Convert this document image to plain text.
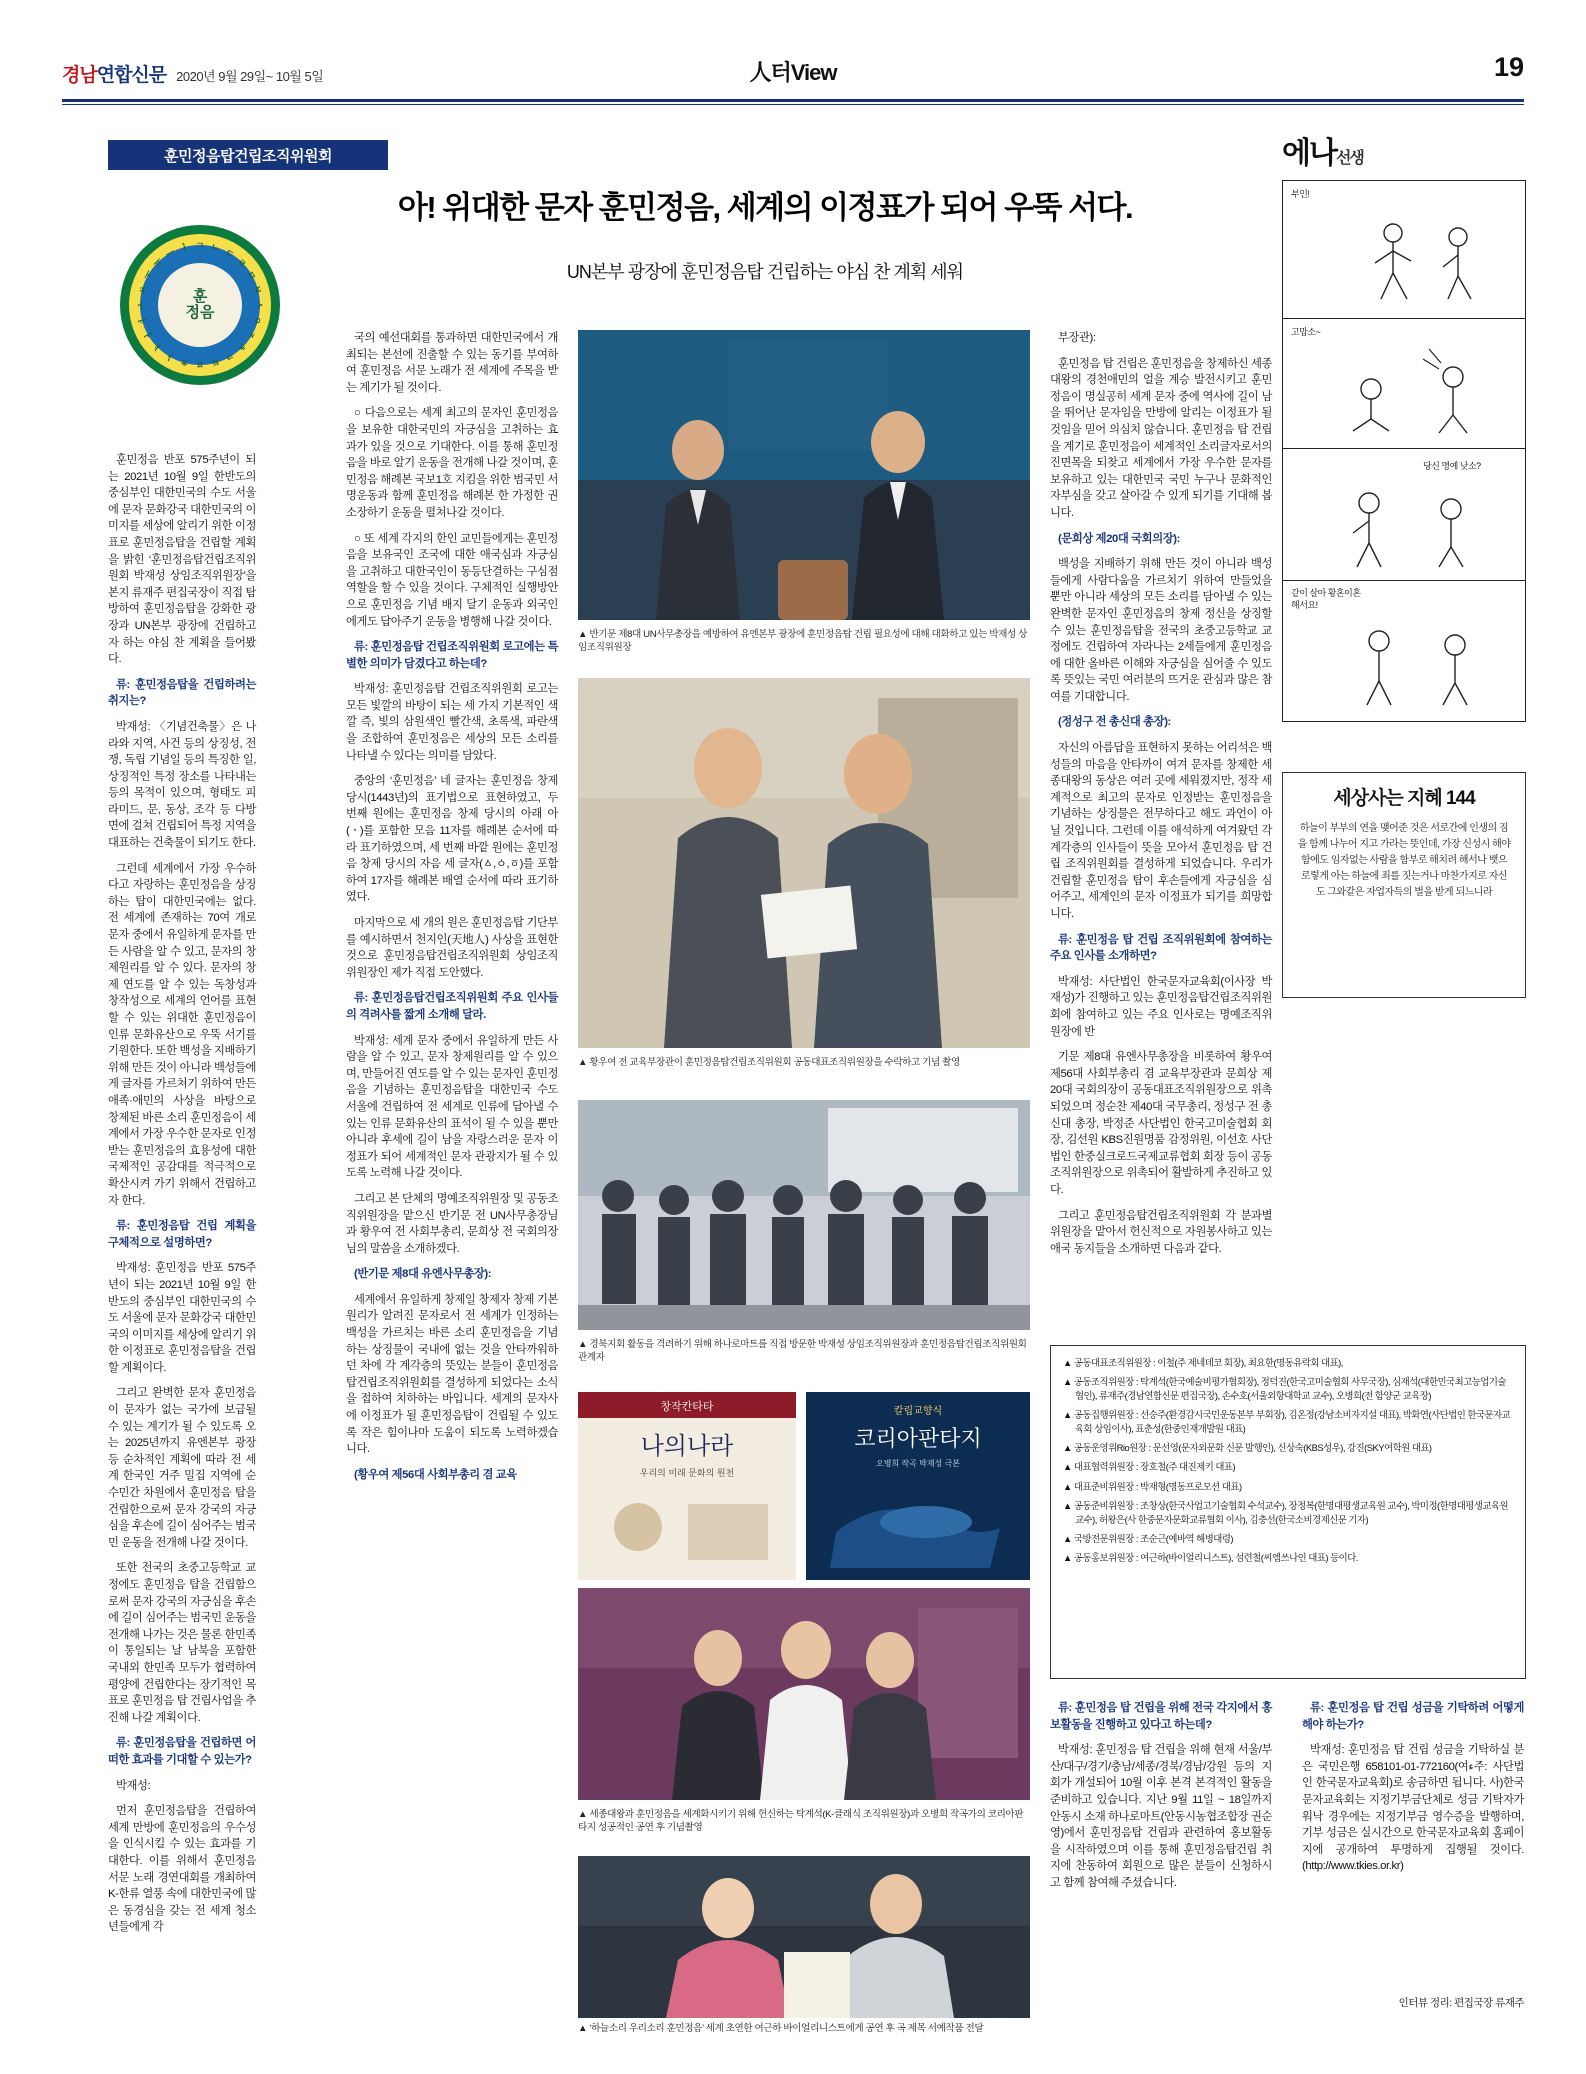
경남연합신문 2020년 9월 29일~ 10월 5일	人터View	19
훈민정음탑건립조직위원회
아! 위대한 문자 훈민정음, 세계의 이정표가 되어 우뚝 서다.
UN본부 광장에 훈민정음탑 건립하는 야심 찬 계획 세워
ㄱ ㄴ ㄷ
ㄹ
ㅁ
ㅂ
ㅅ
ㅇ
ㅈ
ㅊ
ㅋ
ㅌ
ㅍ
ㅎ
ㅏ
ㅑ
ㅓ
ㅕ
ㅗ
ㅛ
ㅜ
ㅠ
ㅡ ㅣ
훈
정음
에나선생
부인!
고맙소~
당신 명예 낮소?
같이 살아 황혼이혼 해서요!
세상사는 지혜 144
하늘이 부부의 연을 맺어준 것은 서로간에 인생의 짐을 함께 나누어 지고 가라는 뜻인데, 가장 신성시 해야 함에도 임자없는 사람을 함부로 해치려 해서나 뱃으로렇게 아는 하늘에 죄를 짓는거나 마찬가지로 자신도 그와같은 자업자득의 벌을 받게 되느니라
▲ 반기문 제8대 UN사무총장을 예방하여 유엔본부 광장에 훈민정음탑 건립 필요성에 대해 대화하고 있는 박재성 상임조직위원장
▲ 황우여 전 교육부장관이 훈민정음탑건립조직위원회 공동대표조직위원장을 수락하고 기념 촬영
▲ 경북지회 활동을 격려하기 위해 하나로마트를 직접 방문한 박재성 상임조직위원장과 훈민정음탑건립조직위원회 관계자
창작칸타타
나의나라
우리의 미래 문화의 원천
칼립교향식
코리아판타지
오병희 작곡 박재성 극본
▲ 세종대왕과 훈민정음을 세계화시키기 위해 헌신하는 탁계석(K-클래식 조직위원장)과 오병희 작곡가의 코리아판타지 성공적인 공연 후 기념촬영
▲ ‘하늘소리 우리소리 훈민정음’ 세계 초연한 여근하 바이얼리니스트에게 공연 후 곡 제목 서예작품 전달

훈민정음 반포 575주년이 되는 2021년 10월 9일 한반도의 중심부인 대한민국의 수도 서울에 문자 문화강국 대한민국의 이미지를 세상에 알리기 위한 이정표로 훈민정음탑을 건립할 계획을 밝힌 ‘훈민정음탑건립조직위원회 박재성 상임조직위원장’을 본지 류재주 편집국장이 직접 탐방하여 훈민정음탑을 강화한 광장과 UN본부 광장에 건립하고자 하는 야심 찬 계획을 들어봤다.

류: 훈민정음탑을 건립하려는 취지는?

박재성: 〈기념건축물〉은 나라와 지역, 사건 등의 상징성, 전쟁, 독립 기념일 등의 특징한 일, 상징적인 특정 장소를 나타내는 등의 목적이 있으며, 형태도 피라미드, 문, 동상, 조각 등 다방면에 걸쳐 건립되어 특정 지역을 대표하는 건축물이 되기도 한다.

그런데 세계에서 가장 우수하다고 자랑하는 훈민정음을 상징하는 탑이 대한민국에는 없다. 전 세계에 존재하는 70여 개로 문자 중에서 유일하게 문자를 만든 사람을 알 수 있고, 문자의 창제원리를 알 수 있다. 문자의 창제 연도를 알 수 있는 독창성과 창작성으로 세계의 언어를 표현할 수 있는 위대한 훈민정음이 인류 문화유산으로 우뚝 서기를 기원한다. 또한 백성을 지배하기 위해 만든 것이 아니라 백성들에게 글자를 가르쳐기 위하여 만든 애족·애민의 사상을 바탕으로 창제된 바른 소리 훈민정음이 세계에서 가장 우수한 문자로 인정받는 훈민정음의 효용성에 대한 국제적인 공감대를 적극적으로 확산시켜 가기 위해서 건립하고자 한다.

류: 훈민정음탑 건립 계획을 구체적으로 설명하면?

박재성: 훈민정음 반포 575주년이 되는 2021년 10월 9일 한반도의 중심부인 대한민국의 수도 서울에 문자 문화강국 대한민국의 이미지를 세상에 알리기 위한 이정표로 훈민정음탑을 건립할 계획이다.

그리고 완벽한 문자 훈민정음이 문자가 없는 국가에 보급될 수 있는 계기가 될 수 있도록 오는 2025년까지 유엔본부 광장 등 순차적인 계획에 따라 전 세계 한국인 거주 밀집 지역에 순수민간 차원에서 훈민정음 탑을 건립한으로써 문자 강국의 자긍심을 후손에 길이 심어주는 범국민 운동을 전개해 나갈 것이다.

또한 전국의 초중고등학교 교정에도 훈민정음 탑을 건립함으로써 문자 강국의 자긍심을 후손에 길이 심어주는 범국민 운동을 전개해 나가는 것은 물론 한민족이 통일되는 날 남북을 포함한 국내외 한민족 모두가 협력하여 평양에 건립한다는 장기적인 목표로 훈민정음 탑 건립사업을 추진해 나갈 계획이다.

류: 훈민정음탑을 건립하면 어떠한 효과를 기대할 수 있는가?

박재성:

먼저 훈민정음탑을 건립하여 세계 만방에 훈민정음의 우수성을 인식시킬 수 있는 효과를 기대한다. 이를 위해서 훈민정음 서문 노래 경연대회를 개최하여 K-한류 열풍 속에 대한민국에 많은 동경심을 갖는 전 세계 청소년들에게 각

국의 예선대회를 통과하면 대한민국에서 개최되는 본선에 진출할 수 있는 동기를 부여하여 훈민정음 서문 노래가 전 세계에 주목을 받는 계기가 될 것이다.

○ 다음으로는 세계 최고의 문자인 훈민정음을 보유한 대한국민의 자긍심을 고취하는 효과가 있을 것으로 기대한다. 이를 통해 훈민정음을 바로 알기 운동을 전개해 나갈 것이며, 훈민정음 해례본 국보1호 지킴을 위한 범국민 서명운동과 함께 훈민정음 해례본 한 가정한 권 소장하기 운동을 펼쳐나갈 것이다.

○ 또 세계 각지의 한인 교민들에게는 훈민정음을 보유국인 조국에 대한 애국심과 자긍심을 고취하고 대한국인이 동등단결하는 구심점 역할을 할 수 있을 것이다. 구체적인 실행방안으로 훈민정음 기념 배지 달기 운동과 외국인에게도 답아주기 운동을 병행해 나갈 것이다.

류: 훈민정음탑 건립조직위원회 로고에는 특별한 의미가 담겼다고 하는데?

박재성: 훈민정음탑 건립조직위원회 로고는 모든 빛깔의 바탕이 되는 세 가지 기본적인 색깔 즉, 빛의 삼원색인 빨간색, 초록색, 파란색을 조합하여 훈민정음은 세상의 모든 소리를 나타낼 수 있다는 의미를 담았다.

중앙의 ‘훈민정음’ 네 글자는 훈민정음 창제 당시(1443년)의 표기법으로 표현하였고, 두 번째 원에는 훈민정음 창제 당시의 아래 아(ㆍ)를 포함한 모음 11자를 해례본 순서에 따라 표기하였으며, 세 번째 바깥 원에는 훈민정음 창제 당시의 자음 세 글자(ㅿ,ㆁ,ㆆ)를 포함하여 17자를 해례본 배열 순서에 따라 표기하였다.

마지막으로 세 개의 원은 훈민정음탑 기단부를 예시하면서 천지인(天地人) 사상을 표현한 것으로 훈민정음탑건립조직위원회 상임조직위원장인 제가 직접 도안했다.

류: 훈민정음탑건립조직위원회 주요 인사들의 격려사를 짧게 소개해 달라.

박재성: 세계 문자 중에서 유일하게 만든 사람을 알 수 있고, 문자 창제원리를 알 수 있으며, 만들어진 연도를 알 수 있는 문자인 훈민정음을 기념하는 훈민정음탑을 대한민국 수도 서울에 건립하여 전 세계로 인류에 답아낼 수 있는 인류 문화유산의 표석이 될 수 있을 뿐만 아니라 후세에 길이 남을 자랑스러운 문자 이정표가 되어 세계적인 문자 관광지가 될 수 있도록 노력해 나갈 것이다.

그리고 본 단체의 명예조직위원장 및 공동조직위원장을 맡으신 반기문 전 UN사무총장님과 황우여 전 사회부총리, 문희상 전 국회의장님의 말씀을 소개하겠다.

(반기문 제8대 유엔사무총장):

세계에서 유일하게 창제일 창제자 창제 기본 원리가 알려진 문자로서 전 세계가 인정하는 백성을 가르치는 바른 소리 훈민정음을 기념하는 상징물이 국내에 없는 것을 안타까워하던 차에 각 계각층의 뜻있는 분들이 훈민정음탑건립조직위원회를 결성하게 되었다는 소식을 접하여 치하하는 바입니다. 세계의 문자사에 이정표가 될 훈민정음탑이 건립될 수 있도록 작은 힘이나마 도움이 되도록 노력하겠습니다.

(황우여 제56대 사회부총리 겸 교육

부장관):

훈민정음 탑 건립은 훈민정음을 창제하신 세종대왕의 경천애민의 얼을 계승 발전시키고 훈민정음이 명실공히 세계 문자 중에 역사에 길이 남을 뛰어난 문자임을 만방에 알리는 이정표가 될 것임을 믿어 의심치 않습니다. 훈민정음 탑 건립을 계기로 훈민정음이 세계적인 소리글자로서의 진면목을 되찾고 세계에서 가장 우수한 문자를 보유하고 있는 대한민국 국민 누구나 문화적인 자부심을 갖고 살아갈 수 있게 되기를 기대해 봅니다.

(문희상 제20대 국회의장):

백성을 지배하기 위해 만든 것이 아니라 백성들에게 사람다움을 가르치기 위하여 만들었을 뿐만 아니라 세상의 모든 소리를 담아낼 수 있는 완벽한 문자인 훈민정음의 창제 정신을 상징할 수 있는 훈민정음탑을 전국의 초중고등학교 교정에도 건립하여 자라나는 2세들에게 훈민정음에 대한 올바른 이해와 자긍심을 심어줄 수 있도록 뜻있는 국민 여러분의 뜨거운 관심과 많은 참여를 기대합니다.

(정성구 전 총신대 총장):

자신의 아름답을 표현하지 못하는 어리석은 백성들의 마음을 안타까이 여겨 문자를 창제한 세종대왕의 동상은 여러 곳에 세워졌지만, 정작 세계적으로 최고의 문자로 인정받는 훈민정음을 기념하는 상징물은 전무하다고 해도 과언이 아닐 것입니다. 그런데 이를 애석하게 여겨왔던 각계각층의 인사들이 뜻을 모아서 훈민정음 탑 건립 조직위원회를 결성하게 되었습니다. 우리가 건립할 훈민정음 탑이 후손들에게 자긍심을 심어주고, 세계인의 문자 이정표가 되기를 희망합니다.

류: 훈민정음 탑 건립 조직위원회에 참여하는 주요 인사를 소개하면?

박재성: 사단법인 한국문자교육회(이사장 박재성)가 진행하고 있는 훈민정음탑건립조직위원회에 참여하고 있는 주요 인사로는 명예조직위원장에 반

기문 제8대 유엔사무총장을 비롯하여 황우여 제56대 사회부총리 겸 교육부장관과 문희상 제20대 국회의장이 공동대표조직위원장으로 위촉되었으며 정순찬 제40대 국무총리, 정성구 전 총신대 총장, 박정준 사단법인 한국고미술협회 회장, 김선원 KBS진원명품 감정위원, 이선호 사단법인 한중실크로드국제교류협회 회장 등이 공동조직위원장으로 위촉되어 활발하게 추진하고 있다.

그리고 훈민정음탑건립조직위원회 각 분과별 위원장을 맡아서 헌신적으로 자원봉사하고 있는 애국 동지들을 소개하면 다음과 같다.

▲ 공동대표조직위원장 : 이철(주 제네데코 회장), 최요한(명동유락회 대표),

▲ 공동조직위원장 : 탁계석(한국예술비평가협회장), 정덕진(한국고미술협회 사무국장), 심재석(대한민국최고능업기술협인), 류재주(경남연합신문 편집국장), 손수호(서울외항대학교 교수), 오병희(전 함양군 교육장)

▲ 공동집행위원장 : 선승주(환경감시국민운동본부 부회장), 김온정(강남소비자지설 대표), 박화연(사단법인 한국문자교육회 상임이사), 표춘성(한중인재개발원 대표)

▲ 공동운영위Rio원장 : 문선영(문자외문화 신문 발행인), 신상숙(KBS성우), 강진(SKY여학원 대표)

▲ 대표협력위원장 : 장호철(주 대진제키 대표)

▲ 대표준비위원장 : 박재형(명동프로모션 대표)

▲ 공동준비위원장 : 조창상(한국사업고기술협회 수석교수), 장정복(한명대평생교육원 교수), 박미정(한명대평생교육원 교수), 허왕은(사 한중문자문화교류협회 이사), 김충선(한국소비경제신문 기자)

▲ 국방전문위원장 : 조순근(예바역 해병대령)

▲ 공동홍보위원장 : 여근하(바이얼리니스트), 섬련철(씨엠쓰나인 대표) 등이다.

류: 훈민정음 탑 건립을 위해 전국 각지에서 홍보활동을 진행하고 있다고 하는데?

박재성: 훈민정음 탑 건립을 위해 현재 서울/부산/대구/경기/충남/세종/경북/경남/강원 등의 지회가 개설되어 10월 이후 본격 본격적인 활동을 준비하고 있습니다. 지난 9월 11일 ~ 18일까지 안동시 소재 하나로마트(안동시농협조합장 권순영)에서 훈민정음탑 건립과 관련하여 홍보활동을 시작하였으며 이를 통해 훈민정음탑건립 취지에 찬동하여 회원으로 많은 분들이 신청하시고 함께 참여해 주셨습니다.

류: 훈민정음 탑 건립 성금을 기탁하려 어떻게 해야 하는가?

박재성: 훈민정음 탑 건립 성금을 기탁하실 분은 국민은행 658101-01-772160(여ء주: 사단법인 한국문자교육회)로 송금하면 됩니다. 사)한국문자교육회는 지정기부금단체로 성금 기탁자가 워낙 경우에는 지정기부금 영수증을 발행하며, 기부 성금은 실시간으로 한국문자교육회 홈페이지에 공개하여 투명하게 집행될 것이다. (http://www.tkies.or.kr)

인터뷰 정리: 편집국장 류재주
